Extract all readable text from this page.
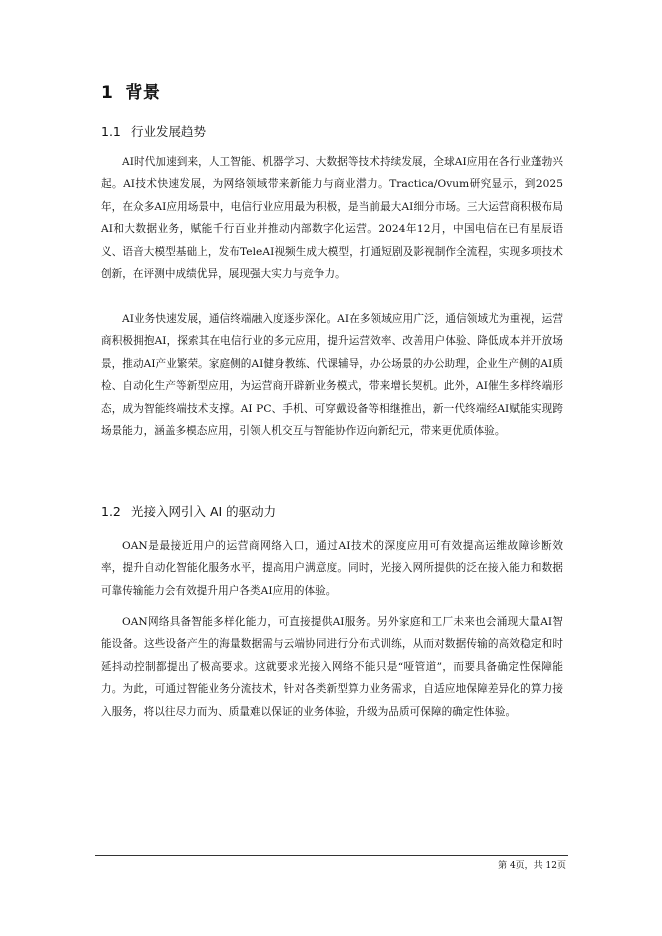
1 背景
1.1 行业发展趋势

AI时代加速到来，人工智能、机器学习、大数据等技术持续发展，全球AI应用在各行业蓬勃兴起。AI技术快速发展，为网络领域带来新能力与商业潜力。Tractica/Ovum研究显示，到2025年，在众多AI应用场景中，电信行业应用最为积极，是当前最大AI细分市场。三大运营商积极布局AI和大数据业务，赋能千行百业并推动内部数字化运营。2024年12月，中国电信在已有星辰语义、语音大模型基础上，发布TeleAI视频生成大模型，打通短剧及影视制作全流程，实现多项技术创新，在评测中成绩优异，展现强大实力与竞争力。

AI业务快速发展，通信终端融入度逐步深化。AI在多领域应用广泛，通信领域尤为重视，运营商积极拥抱AI，探索其在电信行业的多元应用，提升运营效率、改善用户体验、降低成本并开放场景，推动AI产业繁荣。家庭侧的AI健身教练、代课辅导，办公场景的办公助理，企业生产侧的AI质检、自动化生产等新型应用，为运营商开辟新业务模式，带来增长契机。此外，AI催生多样终端形态，成为智能终端技术支撑。AI PC、手机、可穿戴设备等相继推出，新一代终端经AI赋能实现跨场景能力，涵盖多模态应用，引领人机交互与智能协作迈向新纪元，带来更优质体验。

1.2 光接入网引入 AI 的驱动力

OAN是最接近用户的运营商网络入口，通过AI技术的深度应用可有效提高运维故障诊断效率，提升自动化智能化服务水平，提高用户满意度。同时，光接入网所提供的泛在接入能力和数据可靠传输能力会有效提升用户各类AI应用的体验。

OAN网络具备智能多样化能力，可直接提供AI服务。另外家庭和工厂未来也会涌现大量AI智能设备。这些设备产生的海量数据需与云端协同进行分布式训练，从而对数据传输的高效稳定和时延抖动控制都提出了极高要求。这就要求光接入网络不能只是“哑管道”，而要具备确定性保障能力。为此，可通过智能业务分流技术，针对各类新型算力业务需求，自适应地保障差异化的算力接入服务，将以往尽力而为、质量难以保证的业务体验，升级为品质可保障的确定性体验。

第 4页，共 12页
